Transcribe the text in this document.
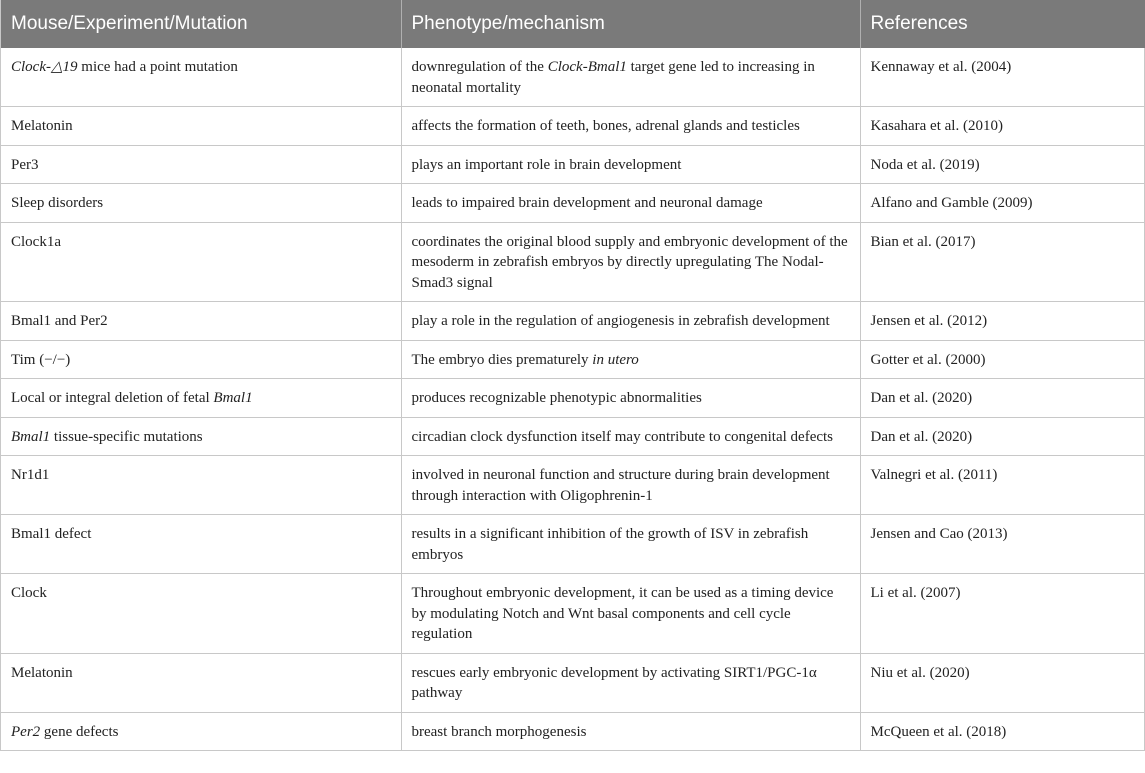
Mouse/Experiment/Mutation	Phenotype/mechanism	References
Clock-△19 mice had a point mutation	downregulation of the Clock-Bmal1 target gene led to increasing in neonatal mortality	Kennaway et al. (2004)
Melatonin	affects the formation of teeth, bones, adrenal glands and testicles	Kasahara et al. (2010)
Per3	plays an important role in brain development	Noda et al. (2019)
Sleep disorders	leads to impaired brain development and neuronal damage	Alfano and Gamble (2009)
Clock1a	coordinates the original blood supply and embryonic development of the mesoderm in zebrafish embryos by directly upregulating The Nodal-Smad3 signal	Bian et al. (2017)
Bmal1 and Per2	play a role in the regulation of angiogenesis in zebrafish development	Jensen et al. (2012)
Tim (−/−)	The embryo dies prematurely in utero	Gotter et al. (2000)
Local or integral deletion of fetal Bmal1	produces recognizable phenotypic abnormalities	Dan et al. (2020)
Bmal1 tissue-specific mutations	circadian clock dysfunction itself may contribute to congenital defects	Dan et al. (2020)
Nr1d1	involved in neuronal function and structure during brain development through interaction with Oligophrenin-1	Valnegri et al. (2011)
Bmal1 defect	results in a significant inhibition of the growth of ISV in zebrafish embryos	Jensen and Cao (2013)
Clock	Throughout embryonic development, it can be used as a timing device by modulating Notch and Wnt basal components and cell cycle regulation	Li et al. (2007)
Melatonin	rescues early embryonic development by activating SIRT1/PGC-1α pathway	Niu et al. (2020)
Per2 gene defects	breast branch morphogenesis	McQueen et al. (2018)
